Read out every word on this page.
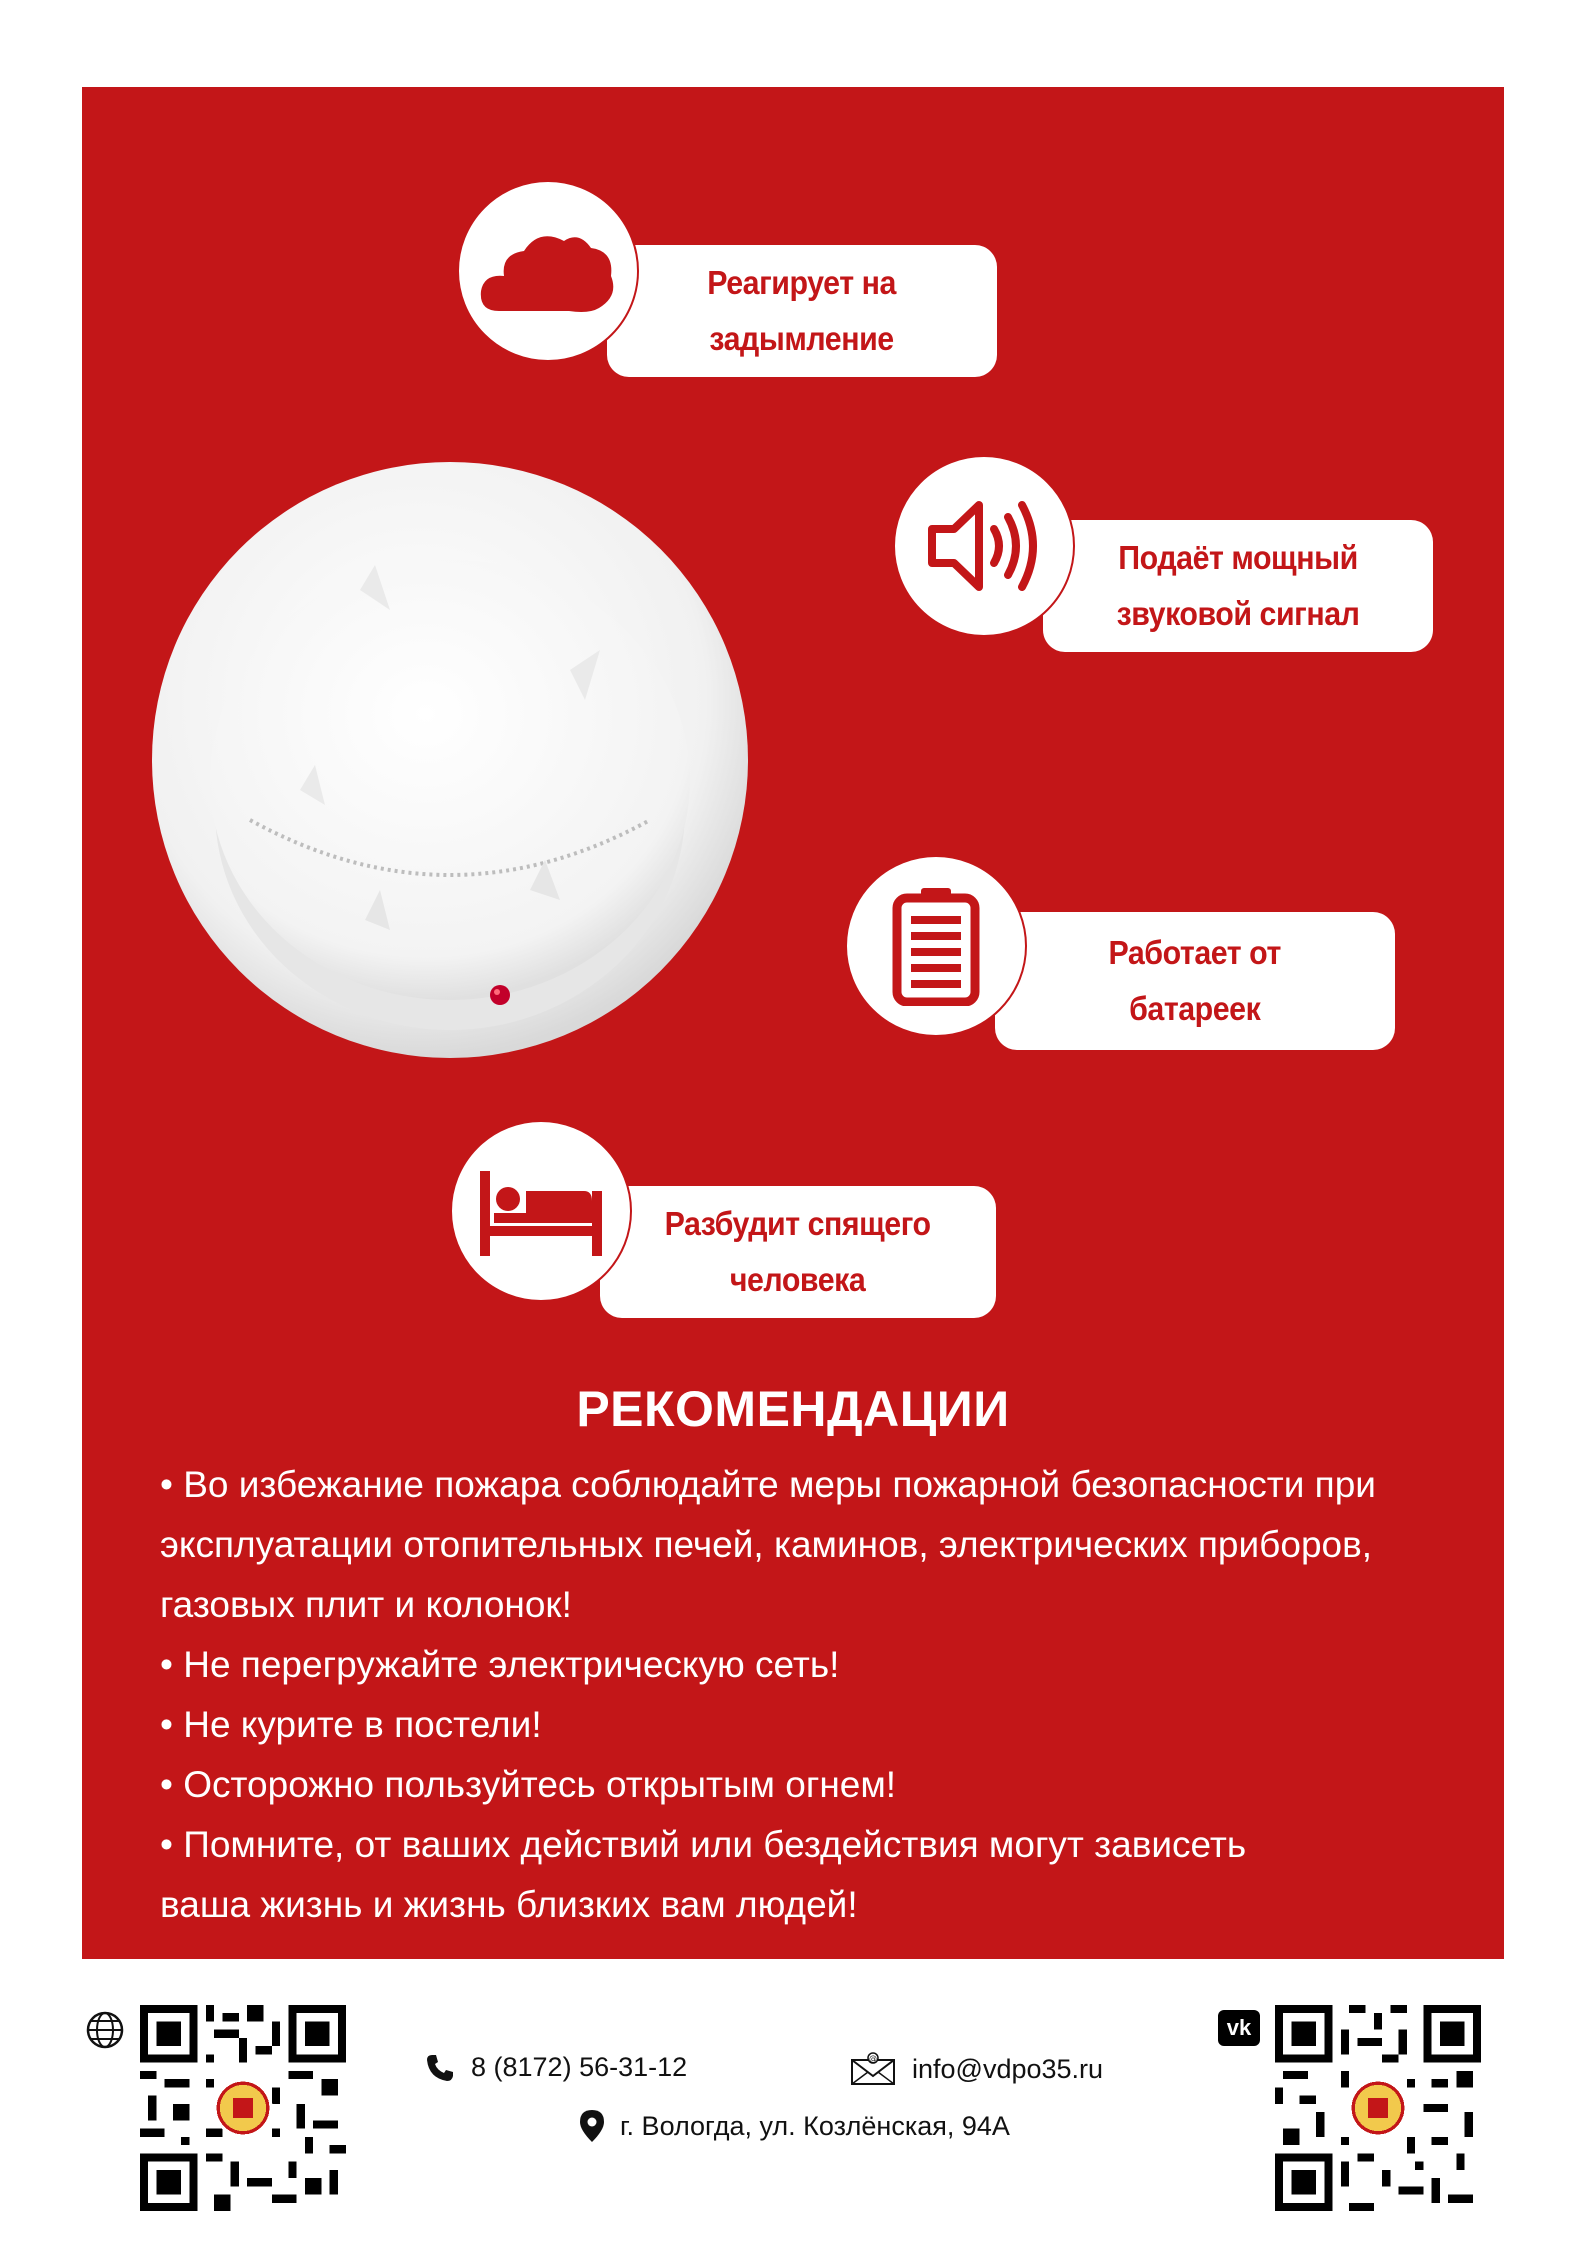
Реагирует на
задымление
Подаёт мощный
звуковой сигнал
Работает от
батареек
Разбудит спящего
человека
РЕКОМЕНДАЦИИ

• Во избежание пожара соблюдайте меры пожарной безопасности при
эксплуатации отопительных печей, каминов, электрических приборов,
газовых плит и колонок!

• Не перегружайте электрическую сеть!

• Не курите в постели!

• Осторожно пользуйтесь открытым огнем!

• Помните, от ваших действий или бездействия могут зависеть
ваша жизнь и жизнь близких вам людей!

vk
8 (8172) 56-31-12	@ info@vdpo35.ru
г. Вологда, ул. Козлёнская, 94А
